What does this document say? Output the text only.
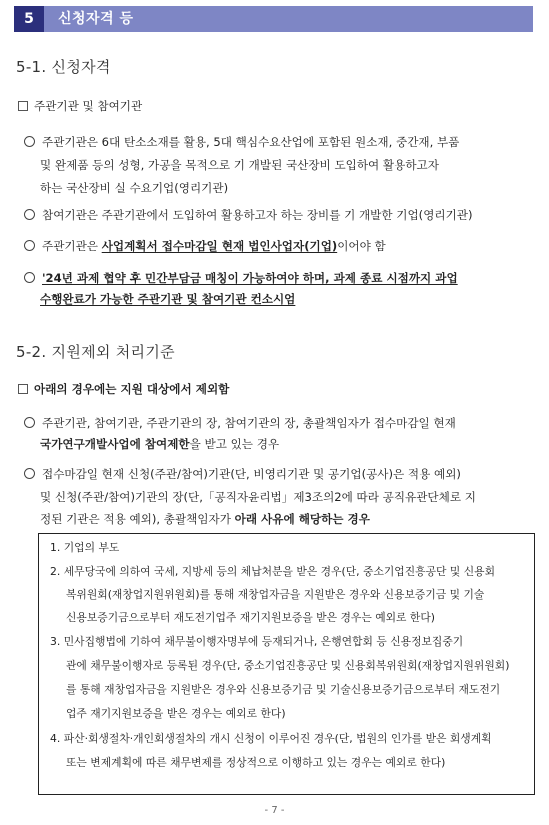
5	신청자격 등
5-1. 신청자격
주관기관 및 참여기관
주관기관은 6대 탄소소재를 활용, 5대 핵심수요산업에 포함된 원소재, 중간재, 부품
및 완제품 등의 성형, 가공을 목적으로 기 개발된 국산장비 도입하여 활용하고자
하는 국산장비 실 수요기업(영리기관)
참여기관은 주관기관에서 도입하여 활용하고자 하는 장비를 기 개발한 기업(영리기관)
주관기관은 사업계획서 접수마감일 현재 법인사업자(기업)이어야 함
'24년 과제 협약 후 민간부담금 매칭이 가능하여야 하며, 과제 종료 시점까지 과업
수행완료가 가능한 주관기관 및 참여기관 컨소시엄
5-2. 지원제외 처리기준
아래의 경우에는 지원 대상에서 제외함
주관기관, 참여기관, 주관기관의 장, 참여기관의 장, 총괄책임자가 접수마감일 현재
국가연구개발사업에 참여제한을 받고 있는 경우
접수마감일 현재 신청(주관/참여)기관(단, 비영리기관 및 공기업(공사)은 적용 예외)
및 신청(주관/참여)기관의 장(단,「공직자윤리법」제3조의2에 따라 공직유관단체로 지
정된 기관은 적용 예외), 총괄책임자가 아래 사유에 해당하는 경우
1. 기업의 부도
2. 세무당국에 의하여 국세, 지방세 등의 체납처분을 받은 경우(단, 중소기업진흥공단 및 신용회
복위원회(재창업지원위원회)를 통해 재창업자금을 지원받은 경우와 신용보증기금 및 기술
신용보증기금으로부터 재도전기업주 재기지원보증을 받은 경우는 예외로 한다)
3. 민사집행법에 기하여 채무불이행자명부에 등재되거나, 은행연합회 등 신용정보집중기
관에 채무불이행자로 등록된 경우(단, 중소기업진흥공단 및 신용회복위원회(재창업지원위원회)
를 통해 재창업자금을 지원받은 경우와 신용보증기금 및 기술신용보증기금으로부터 재도전기
업주 재기지원보증을 받은 경우는 예외로 한다)
4. 파산·회생절차·개인회생절차의 개시 신청이 이루어진 경우(단, 법원의 인가를 받은 회생계획
또는 변제계획에 따른 채무변제를 정상적으로 이행하고 있는 경우는 예외로 한다)
- 7 -
